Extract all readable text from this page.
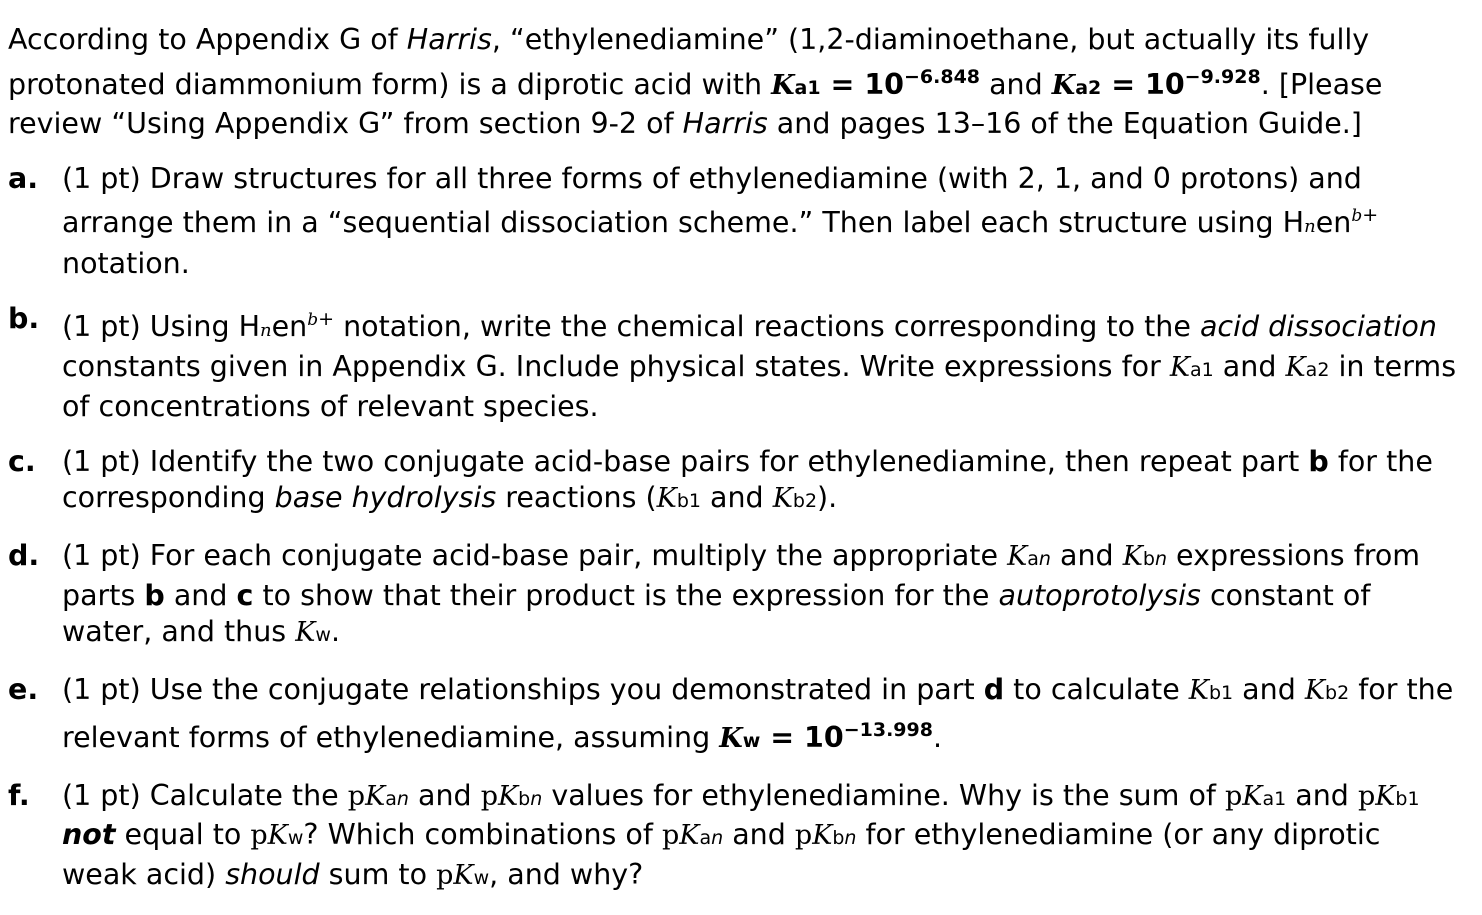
According to Appendix G of Harris, “ethylenediamine” (1,2-diaminoethane, but actually its fully protonated diammonium form) is a diprotic acid with $Ka1 = 10^{-6.848}$ and $Ka2 = 10^{-9.928}$. [Please review “Using Appendix G” from section 9-2 of Harris and pages 13–16 of the Equation Guide.]

a. (1 pt) Draw structures for all three forms of ethylenediamine (with 2, 1, and 0 protons) and arrange them in a “sequential dissociation scheme.” Then label each structure using Hnen$^{b+}$ notation.
b. (1 pt) Using Hnen$^{b+}$ notation, write the chemical reactions corresponding to the acid dissociation constants given in Appendix G. Include physical states. Write expressions for Ka1 and Ka2 in terms of concentrations of relevant species.
c. (1 pt) Identify the two conjugate acid-base pairs for ethylenediamine, then repeat part b for the corresponding base hydrolysis reactions (Kb1 and Kb2).
d. (1 pt) For each conjugate acid-base pair, multiply the appropriate Kan and Kbn expressions from parts b and c to show that their product is the expression for the autoprotolysis constant of water, and thus Kw.
e. (1 pt) Use the conjugate relationships you demonstrated in part d to calculate Kb1 and Kb2 for the relevant forms of ethylenediamine, assuming $Kw = 10^{-13.998}$.
f. (1 pt) Calculate the pKan and pKbn values for ethylenediamine. Why is the sum of pKa1 and pKb1 not equal to pKw? Which combinations of pKan and pKbn for ethylenediamine (or any diprotic weak acid) should sum to pKw, and why?
